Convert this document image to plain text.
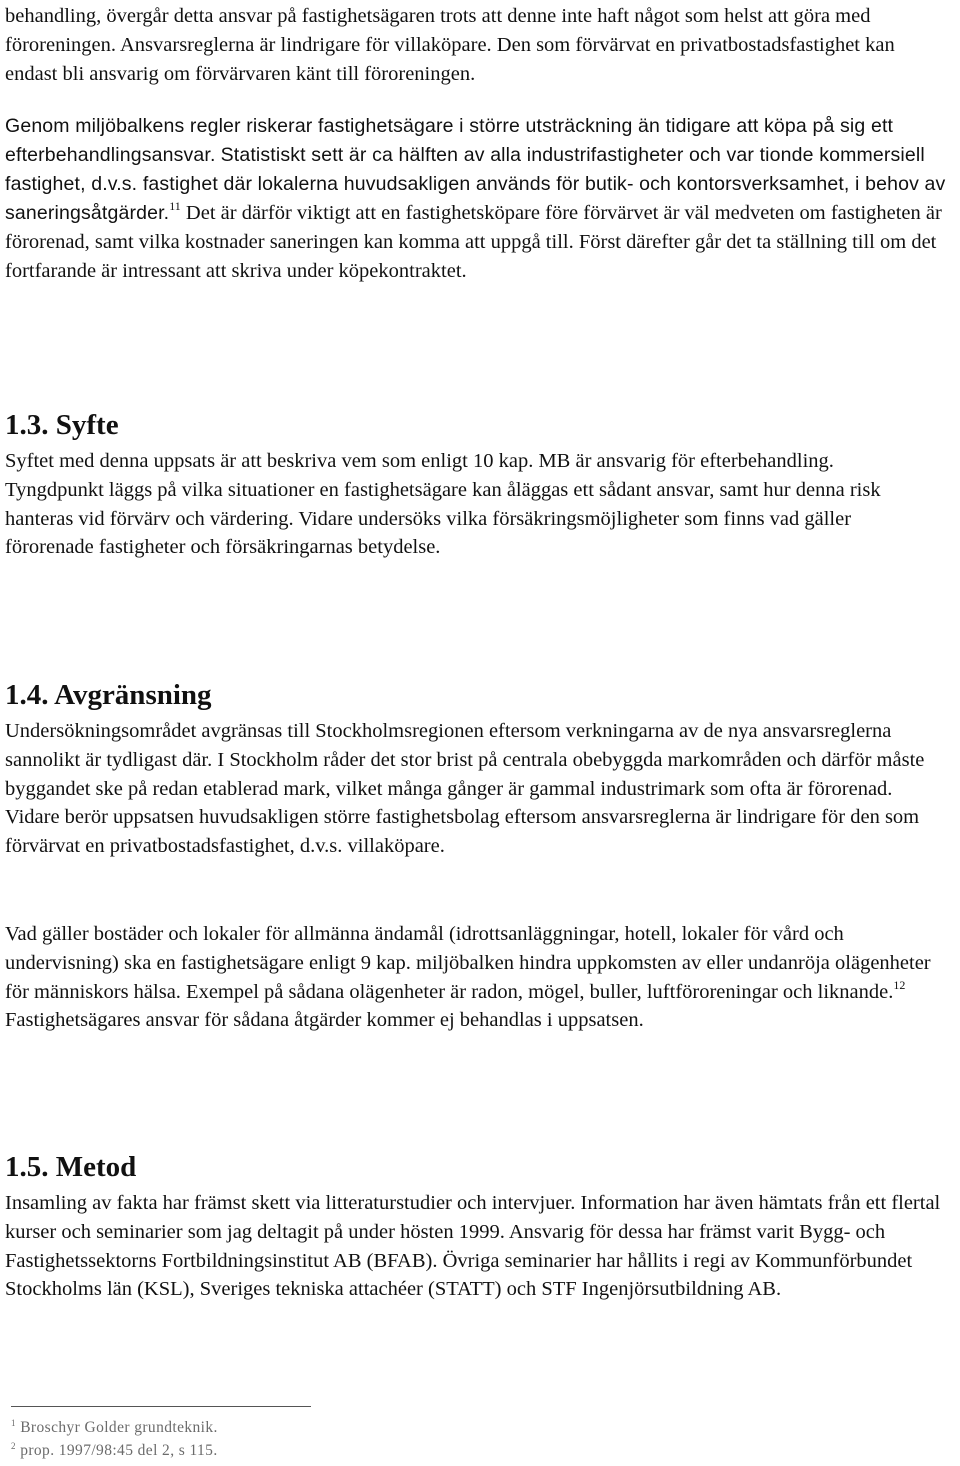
behandling, övergår detta ansvar på fastighetsägaren trots att denne inte haft något som helst att göra med föroreningen. Ansvarsreglerna är lindrigare för villaköpare. Den som förvärvat en privatbostadsfastighet kan endast bli ansvarig om förvärvaren känt till föroreningen.

Genom miljöbalkens regler riskerar fastighetsägare i större utsträckning än tidigare att köpa på sig ett efterbehandlingsansvar. Statistiskt sett är ca hälften av alla industrifastigheter och var tionde kommersiell fastighet, d.v.s. fastighet där lokalerna huvudsakligen används för butik- och kontorsverksamhet, i behov av saneringsåtgärder.$^{11}$ Det är därför viktigt att en fastighetsköpare före förvärvet är väl medveten om fastigheten är förorenad, samt vilka kostnader saneringen kan komma att uppgå till. Först därefter går det ta ställning till om det fortfarande är intressant att skriva under köpekontraktet.

1.3. Syfte

Syftet med denna uppsats är att beskriva vem som enligt 10 kap. MB är ansvarig för efterbehandling. Tyngdpunkt läggs på vilka situationer en fastighetsägare kan åläggas ett sådant ansvar, samt hur denna risk hanteras vid förvärv och värdering. Vidare undersöks vilka försäkringsmöjligheter som finns vad gäller förorenade fastigheter och försäkringarnas betydelse.

1.4. Avgränsning

Undersökningsområdet avgränsas till Stockholmsregionen eftersom verkningarna av de nya ansvarsreglerna sannolikt är tydligast där. I Stockholm råder det stor brist på centrala obebyggda markområden och därför måste byggandet ske på redan etablerad mark, vilket många gånger är gammal industrimark som ofta är förorenad. Vidare berör uppsatsen huvudsakligen större fastighetsbolag eftersom ansvarsreglerna är lindrigare för den som förvärvat en privatbostadsfastighet, d.v.s. villaköpare.

Vad gäller bostäder och lokaler för allmänna ändamål (idrottsanläggningar, hotell, lokaler för vård och undervisning) ska en fastighetsägare enligt 9 kap. miljöbalken hindra uppkomsten av eller undanröja olägenheter för människors hälsa. Exempel på sådana olägenheter är radon, mögel, buller, luftföroreningar och liknande.$^{12}$ Fastighetsägares ansvar för sådana åtgärder kommer ej behandlas i uppsatsen.

1.5. Metod

Insamling av fakta har främst skett via litteraturstudier och intervjuer. Information har även hämtats från ett flertal kurser och seminarier som jag deltagit på under hösten 1999. Ansvarig för dessa har främst varit Bygg- och Fastighetssektorns Fortbildningsinstitut AB (BFAB). Övriga seminarier har hållits i regi av Kommunförbundet Stockholms län (KSL), Sveriges tekniska attachéer (STATT) och STF Ingenjörsutbildning AB.

$^1$ Broschyr Golder grundteknik.
$^2$ prop. 1997/98:45 del 2, s 115.
